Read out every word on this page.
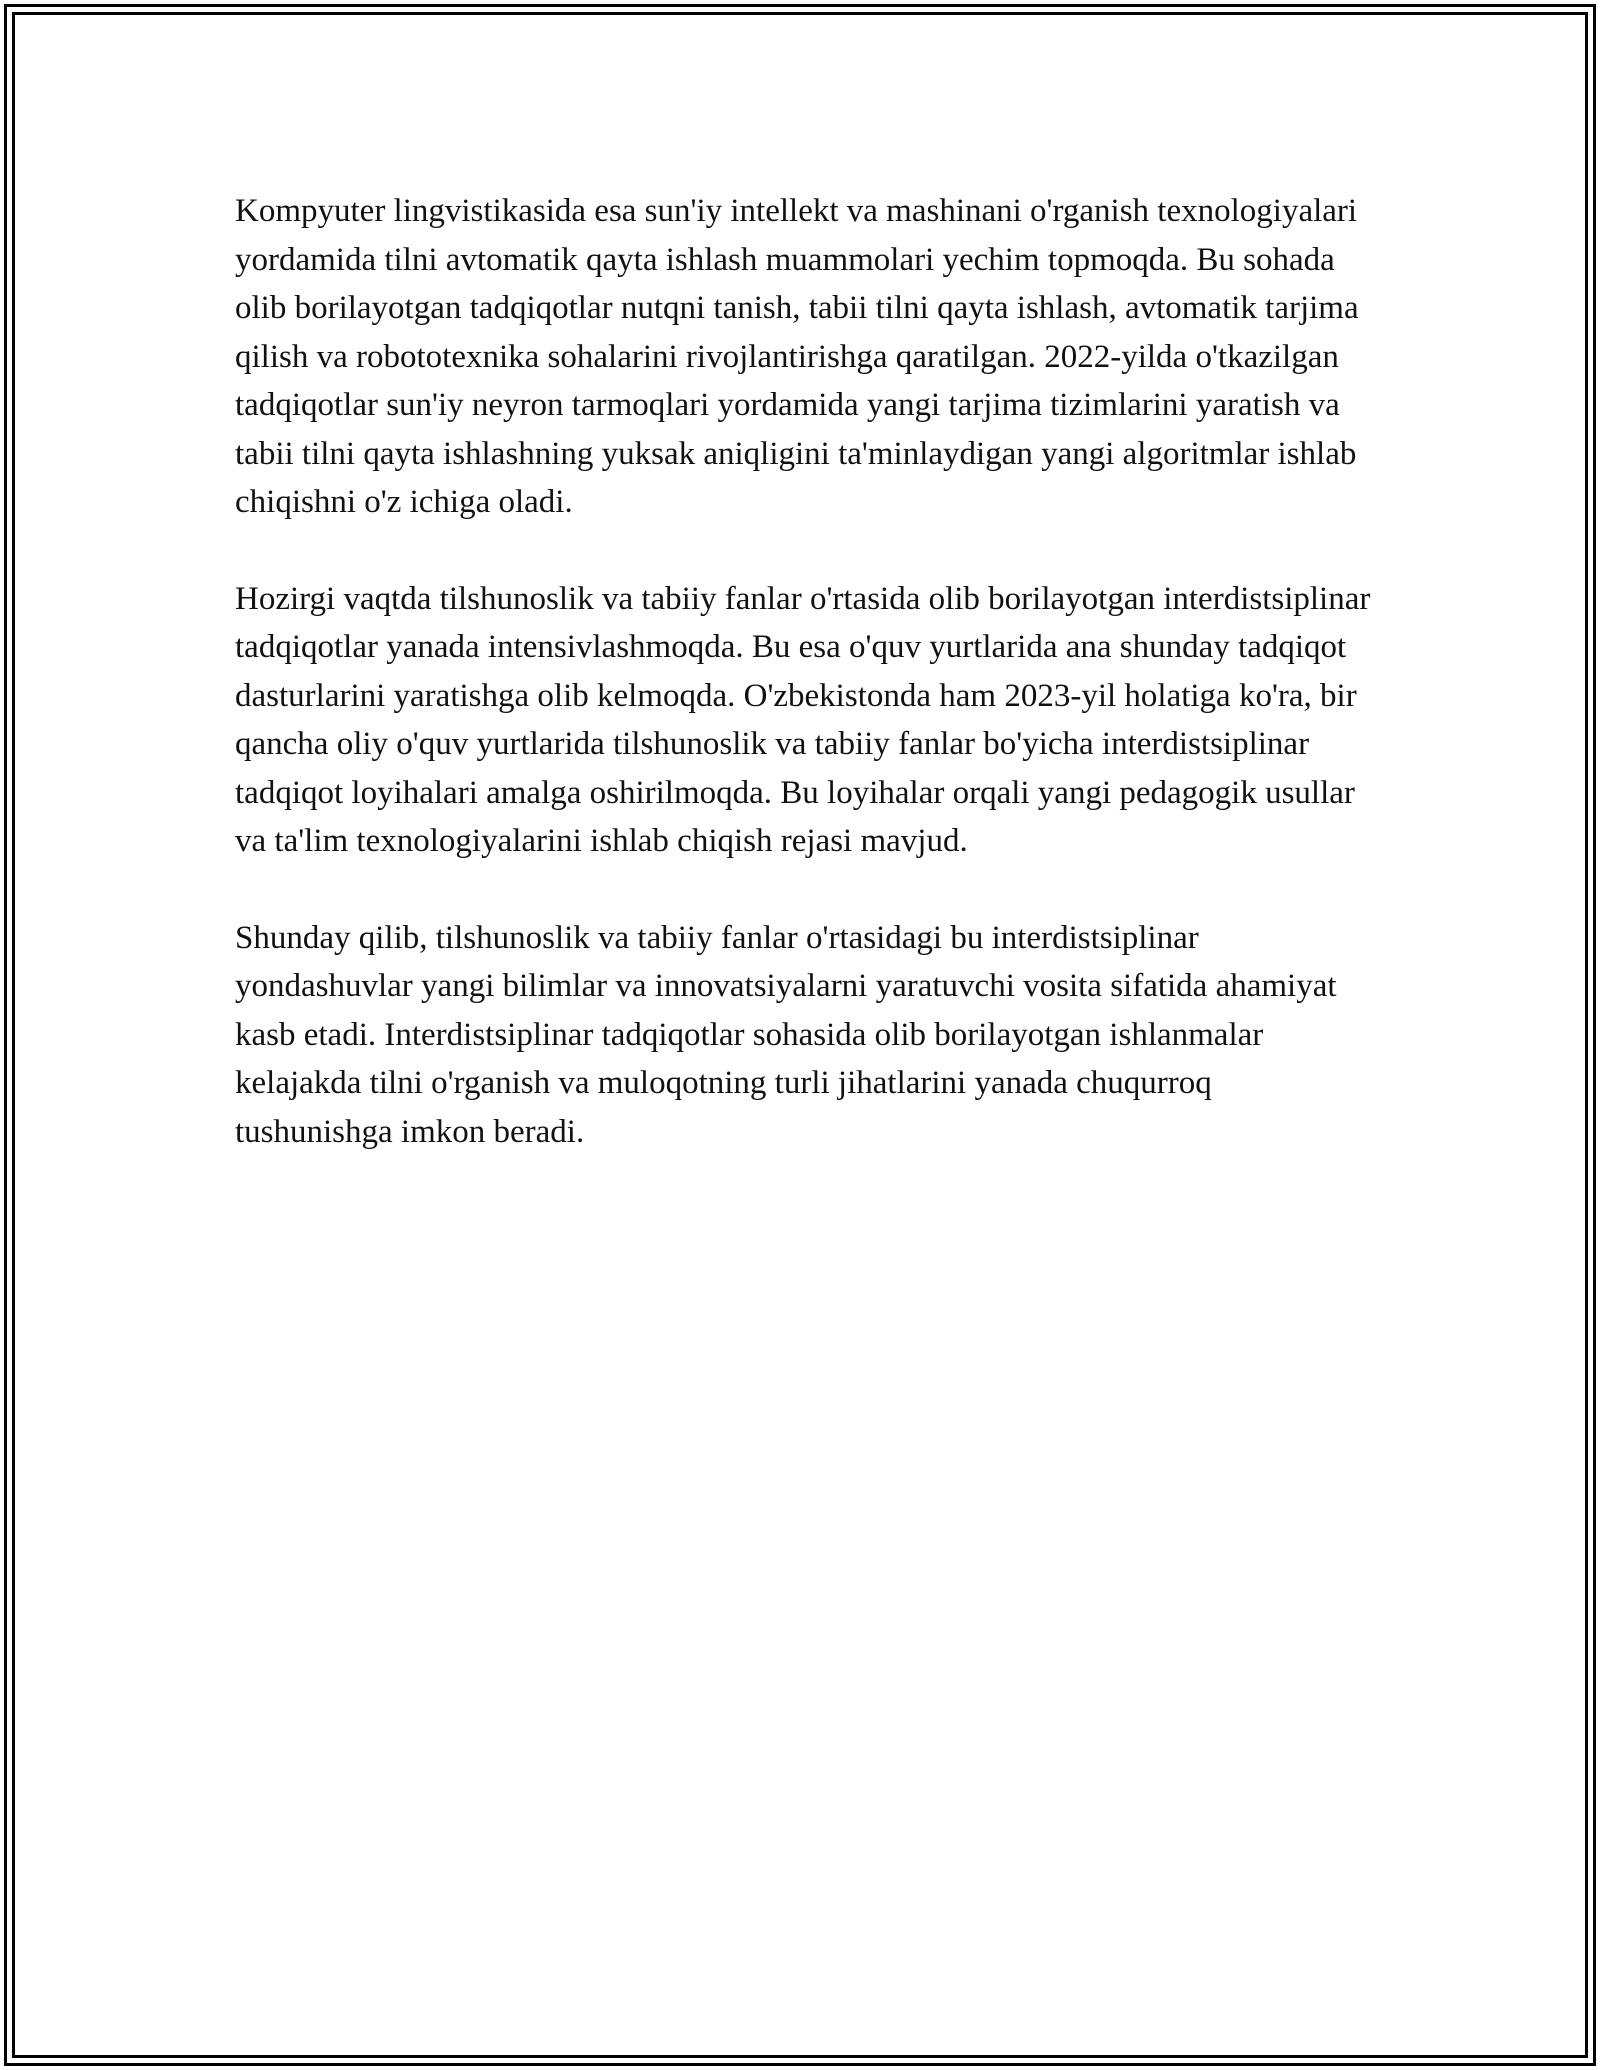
Kompyuter lingvistikasida esa sun'iy intellekt va mashinani o'rganish texnologiyalari yordamida tilni avtomatik qayta ishlash muammolari yechim topmoqda. Bu sohada olib borilayotgan tadqiqotlar nutqni tanish, tabii tilni qayta ishlash, avtomatik tarjima qilish va robototexnika sohalarini rivojlantirishga qaratilgan. 2022-yilda o'tkazilgan tadqiqotlar sun'iy neyron tarmoqlari yordamida yangi tarjima tizimlarini yaratish va tabii tilni qayta ishlashning yuksak aniqligini ta'minlaydigan yangi algoritmlar ishlab chiqishni o'z ichiga oladi.

Hozirgi vaqtda tilshunoslik va tabiiy fanlar o'rtasida olib borilayotgan interdistsiplinar tadqiqotlar yanada intensivlashmoqda. Bu esa o'quv yurtlarida ana shunday tadqiqot dasturlarini yaratishga olib kelmoqda. O'zbekistonda ham 2023-yil holatiga ko'ra, bir qancha oliy o'quv yurtlarida tilshunoslik va tabiiy fanlar bo'yicha interdistsiplinar tadqiqot loyihalari amalga oshirilmoqda. Bu loyihalar orqali yangi pedagogik usullar va ta'lim texnologiyalarini ishlab chiqish rejasi mavjud.

Shunday qilib, tilshunoslik va tabiiy fanlar o'rtasidagi bu interdistsiplinar yondashuvlar yangi bilimlar va innovatsiyalarni yaratuvchi vosita sifatida ahamiyat kasb etadi. Interdistsiplinar tadqiqotlar sohasida olib borilayotgan ishlanmalar kelajakda tilni o'rganish va muloqotning turli jihatlarini yanada chuqurroq tushunishga imkon beradi.
